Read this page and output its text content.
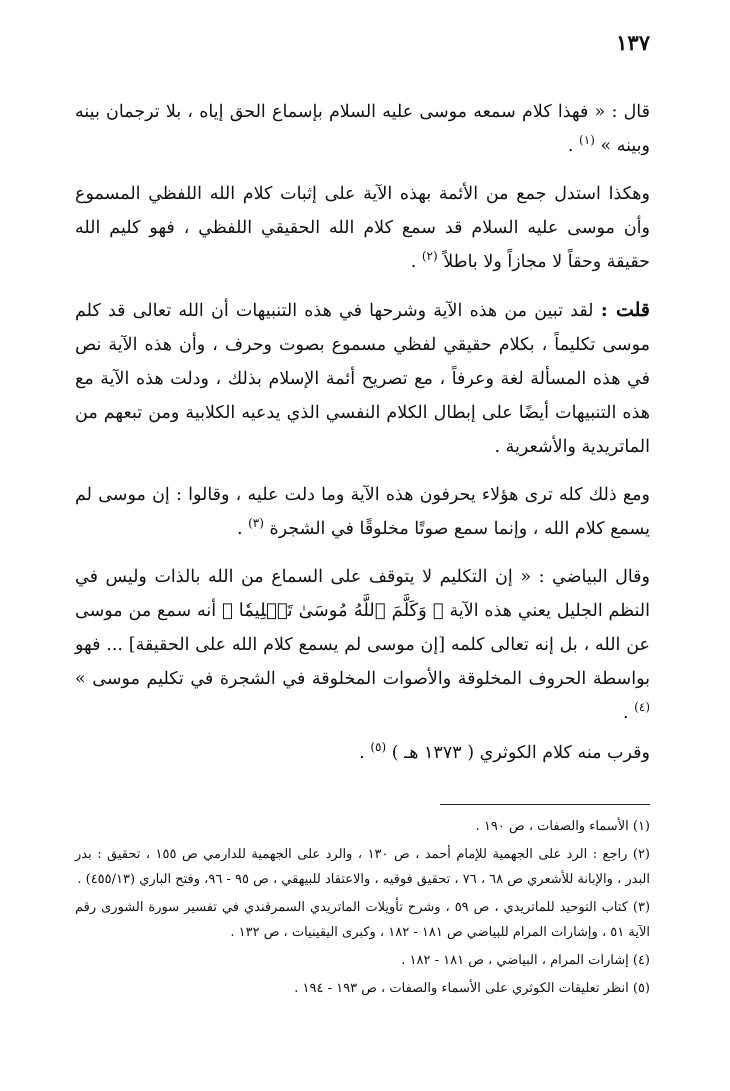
١٣٧

قال : « فهذا كلام سمعه موسى عليه السلام بإسماع الحق إياه ، بلا ترجمان بينه وبينه » $^{(١)}$ .

وهكذا استدل جمع من الأئمة بهذه الآية على إثبات كلام الله اللفظي المسموع وأن موسى عليه السلام قد سمع كلام الله الحقيقي اللفظي ، فهو كليم الله حقيقة وحقاً لا مجازاً ولا باطلاً $^{(٢)}$ .

قلت : لقد تبين من هذه الآية وشرحها في هذه التنبيهات أن الله تعالى قد كلم موسى تكليماً ، بكلام حقيقي لفظي مسموع بصوت وحرف ، وأن هذه الآية نص في هذه المسألة لغة وعرفاً ، مع تصريح أئمة الإسلام بذلك ، ودلت هذه الآية مع هذه التنبيهات أيضًا على إبطال الكلام النفسي الذي يدعيه الكلابية ومن تبعهم من الماتريدية والأشعرية .

ومع ذلك كله ترى هؤلاء يحرفون هذه الآية وما دلت عليه ، وقالوا : إن موسى لم يسمع كلام الله ، وإنما سمع صوتًا مخلوقًا في الشجرة $^{(٣)}$ .

وقال البياضي : « إن التكليم لا يتوقف على السماع من الله بالذات وليس في النظم الجليل يعني هذه الآية ﴿ وَكَلَّمَ ٱللَّهُ مُوسَىٰ تَكۡلِيمٗا ﴾ أنه سمع من موسى عن الله ، بل إنه تعالى كلمه [إن موسى لم يسمع كلام الله على الحقيقة] ... فهو بواسطة الحروف المخلوقة والأصوات المخلوقة في الشجرة في تكليم موسى » $^{(٤)}$ .

وقرب منه كلام الكوثري ( ١٣٧٣ هـ ) $^{(٥)}$ .

(١) الأسماء والصفات ، ص ١٩٠ .

(٢) راجع : الرد على الجهمية للإمام أحمد ، ص ١٣٠ ، والرد على الجهمية للدارمي ص ١٥٥ ، تحقيق : بدر البدر ، والإبانة للأشعري ص ٦٨ ، ٧٦ ، تحقيق فوقيه ، والاعتقاد للبيهقي ، ص ٩٥ - ٩٦، وفتح الباري (٤٥٥/١٣) .

(٣) كتاب التوحيد للماتريدي ، ص ٥٩ ، وشرح تأويلات الماتريدي السمرقندي في تفسير سورة الشورى رقم الآية ٥١ ، وإشارات المرام للبياضي ص ١٨١ - ١٨٢ ، وكبرى اليقينيات ، ص ١٣٢ .

(٤) إشارات المرام ، البياضي ، ص ١٨١ - ١٨٢ .

(٥) انظر تعليقات الكوثري على الأسماء والصفات ، ص ١٩٣ - ١٩٤ .
